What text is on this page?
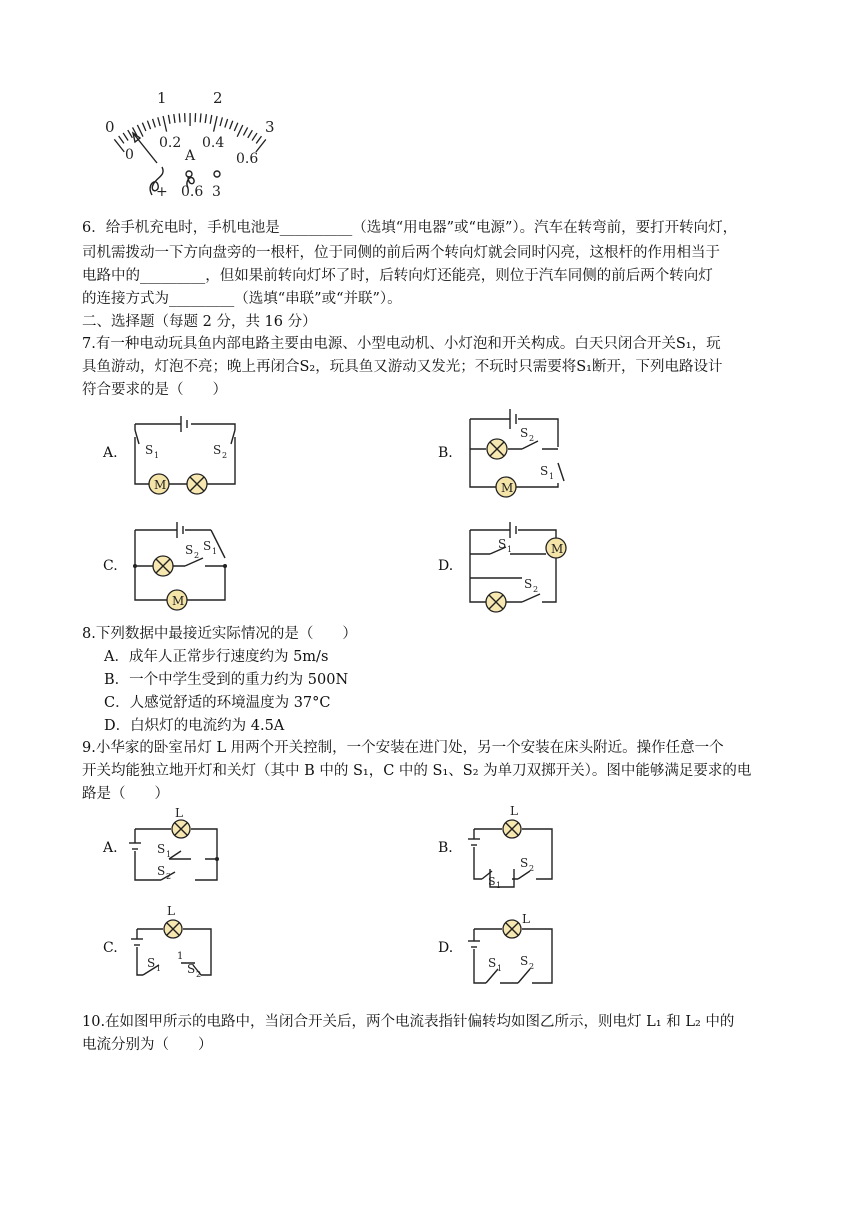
0
1	2
3
0
0.2 0.4
0.6
A
+ 0.6 3
6．给手机充电时，手机电池是__________（选填“用电器”或“电源”）。汽车在转弯前，要打开转向灯，
司机需拨动一下方向盘旁的一根杆，位于同侧的前后两个转向灯就会同时闪亮，这根杆的作用相当于
电路中的_________，但如果前转向灯坏了时，后转向灯还能亮，则位于汽车同侧的前后两个转向灯
的连接方式为_________（选填“串联”或“并联”）。
二、选择题（每题 2 分，共 16 分）
7.有一种电动玩具鱼内部电路主要由电源、小型电动机、小灯泡和开关构成。白天只闭合开关S₁，玩
具鱼游动，灯泡不亮；晚上再闭合S₂，玩具鱼又游动又发光；不玩时只需要将S₁断开，下列电路设计
符合要求的是（　　）
A.
M
S 1	S 2	B.
M
S 2
S 1
C.
M
S 2
S 1
D.
M
S 1
S 2
8.下列数据中最接近实际情况的是（　　）
A．成年人正常步行速度约为 5m/s
B．一个中学生受到的重力约为 500N
C．人感觉舒适的环境温度为 37°C
D．白炽灯的电流约为 4.5A
9.小华家的卧室吊灯 L 用两个开关控制，一个安装在进门处，另一个安装在床头附近。操作任意一个
开关均能独立地开灯和关灯（其中 B 中的 S₁，C 中的 S₁、S₂ 为单刀双掷开关）。图中能够满足要求的电
路是（　　）
A.
L
S 1
S 2
B.
L
S 1
S 2
C.
L
S 1
1
S 2
D.
L
S 1
S 2
10.在如图甲所示的电路中，当闭合开关后，两个电流表指针偏转均如图乙所示，则电灯 L₁ 和 L₂ 中的
电流分别为（　　）
